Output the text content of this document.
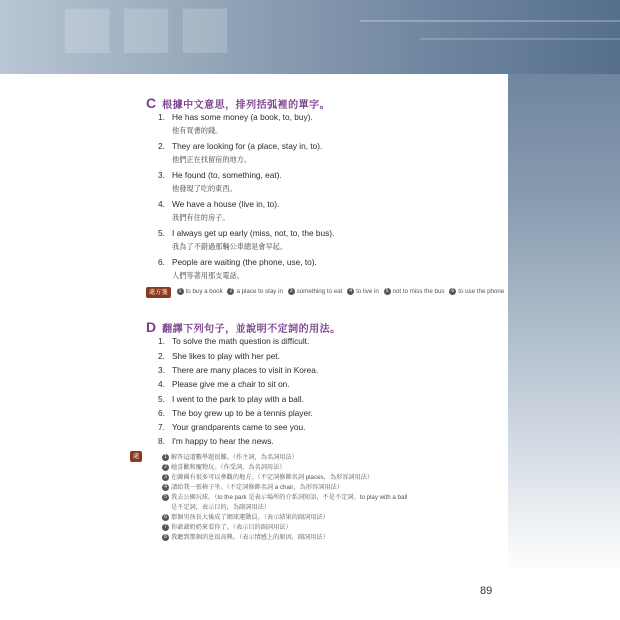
■■■
C 根據中文意思，排列括弧裡的單字。
1. He has some money (a book, to, buy).
他有買書的錢。
2. They are looking for (a place, stay in, to).
他們正在找留宿的地方。
3. He found (to, something, eat).
他發現了吃的東西。
4. We have a house (live in, to).
我們有住的房子。
5. I always get up early (miss, not, to, the bus).
我為了不錯過那輛公車總是會早起。
6. People are waiting (the phone, use, to).
人們等著用那支電話。
處方箋	1 to buy a book 2 a place to stay in 3 something to eat 4 to live in 5 not to miss the bus 6 to use the phone
D 翻譯下列句子，並說明不定詞的用法。
1. To solve the math question is difficult.
2. She likes to play with her pet.
3. There are many places to visit in Korea.
4. Please give me a chair to sit on.
5. I went to the park to play with a ball.
6. The boy grew up to be a tennis player.
7. Your grandparents came to see you.
8. I'm happy to hear the news.
處方箋
1 解答這道數學題很難。（作主詞，為名詞用法）
2 她喜歡和寵物玩。（作受詞，為名詞用法）
3 在韓國有很多可以參觀的地方。（不定詞修飾名詞 places，為形容詞用法）
4 請給我一張椅子坐。（不定詞修飾名詞 a chair，為形容詞用法）
5 我去公園玩球。（to the park 是表示場所的介系詞短語，不是不定詞。to play with a ball
是不定詞，表示目的，為副詞用法）
6 那個男孩長大後成了網球運動員。（表示結果的副詞用法）
7 你爺爺奶奶來看你了。（表示目的副詞用法）
8 我聽到那個消息很高興。（表示情感上的原因，副詞用法）
89
